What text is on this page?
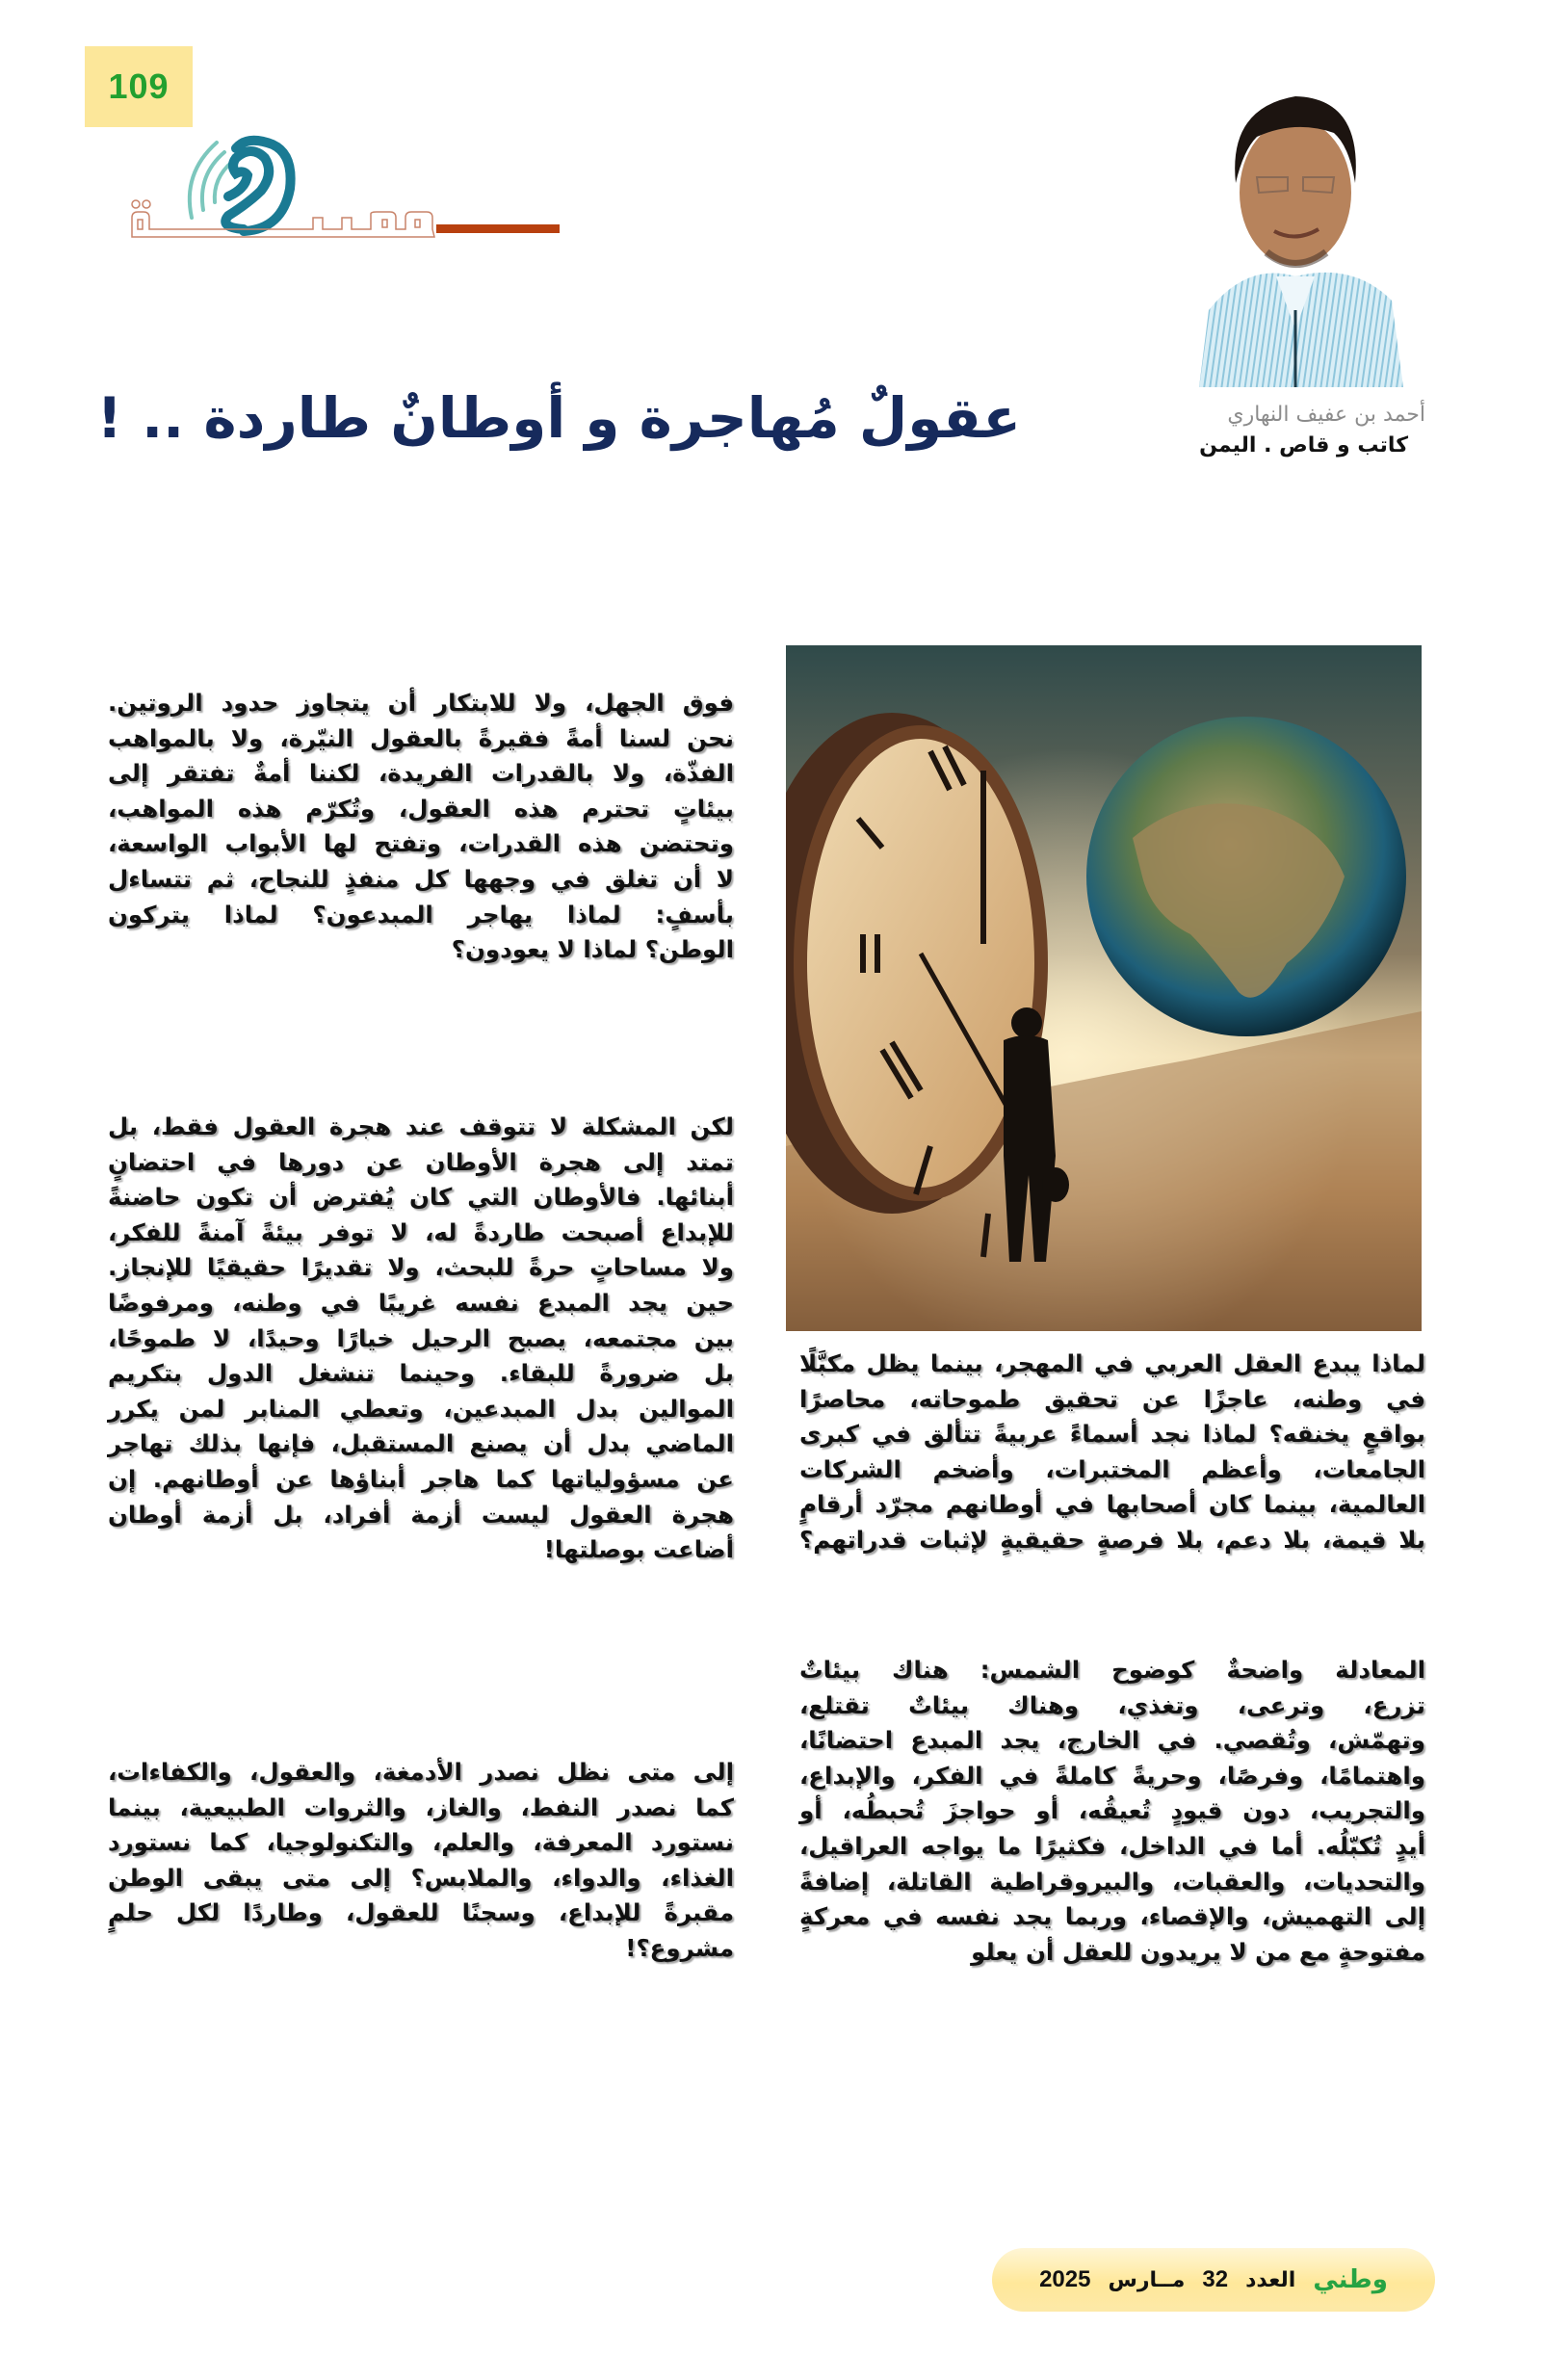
109
أحمد بن عفيف النهاري
كاتب و قاص . اليمن
عقولٌ مُهاجرة و أوطانٌ طاردة .. !
لماذا يبدع العقل العربي في المهجر، بينما يظل مكبَّلًا
في وطنه، عاجزًا عن تحقيق طموحاته، محاصرًا
بواقعٍ يخنقه؟ لماذا نجد أسماءً عربيةً تتألق في كبرى
الجامعات، وأعظم المختبرات، وأضخم الشركات
العالمية، بينما كان أصحابها في أوطانهم مجرّد أرقامٍ
بلا قيمة، بلا دعم، بلا فرصةٍ حقيقيةٍ لإثبات قدراتهم؟
المعادلة واضحةٌ كوضوح الشمس: هناك بيئاتٌ
تزرع، وترعى، وتغذي، وهناك بيئاتٌ تقتلع،
وتهمّش، وتُقصي. في الخارج، يجد المبدع احتضانًا،
واهتمامًا، وفرصًا، وحريةً كاملةً في الفكر، والإبداع،
والتجريب، دون قيودٍ تُعيقُه، أو حواجزَ تُحبطُه، أو
أيدٍ تُكبّلُه. أما في الداخل، فكثيرًا ما يواجه العراقيل،
والتحديات، والعقبات، والبيروقراطية القاتلة، إضافةً
إلى التهميش، والإقصاء، وربما يجد نفسه في معركةٍ
مفتوحةٍ مع من لا يريدون للعقل أن يعلو
فوق الجهل، ولا للابتكار أن يتجاوز حدود الروتين.
نحن لسنا أمةً فقيرةً بالعقول النيّرة، ولا بالمواهب
الفذّة، ولا بالقدرات الفريدة، لكننا أمةٌ تفتقر إلى
بيئاتٍ تحترم هذه العقول، وتُكرّم هذه المواهب،
وتحتضن هذه القدرات، وتفتح لها الأبواب الواسعة،
لا أن تغلق في وجهها كل منفذٍ للنجاح، ثم تتساءل
بأسفٍ: لماذا يهاجر المبدعون؟ لماذا يتركون
الوطن؟ لماذا لا يعودون؟
لكن المشكلة لا تتوقف عند هجرة العقول فقط، بل
تمتد إلى هجرة الأوطان عن دورها في احتضانٍ
أبنائها. فالأوطان التي كان يُفترض أن تكون حاضنةً
للإبداع أصبحت طاردةً له، لا توفر بيئةً آمنةً للفكر،
ولا مساحاتٍ حرةً للبحث، ولا تقديرًا حقيقيًا للإنجاز.
حين يجد المبدع نفسه غريبًا في وطنه، ومرفوضًا
بين مجتمعه، يصبح الرحيل خيارًا وحيدًا، لا طموحًا،
بل ضرورةً للبقاء. وحينما تنشغل الدول بتكريم
الموالين بدل المبدعين، وتعطي المنابر لمن يكرر
الماضي بدل أن يصنع المستقبل، فإنها بذلك تهاجر
عن مسؤولياتها كما هاجر أبناؤها عن أوطانهم. إن
هجرة العقول ليست أزمة أفراد، بل أزمة أوطان
أضاعت بوصلتها!
إلى متى نظل نصدر الأدمغة، والعقول، والكفاءات،
كما نصدر النفط، والغاز، والثروات الطبيعية، بينما
نستورد المعرفة، والعلم، والتكنولوجيا، كما نستورد
الغذاء، والدواء، والملابس؟ إلى متى يبقى الوطن
مقبرةً للإبداع، وسجنًا للعقول، وطاردًا لكل حلمٍ
مشروع؟!
وطني
العدد
32
مــارس
2025
